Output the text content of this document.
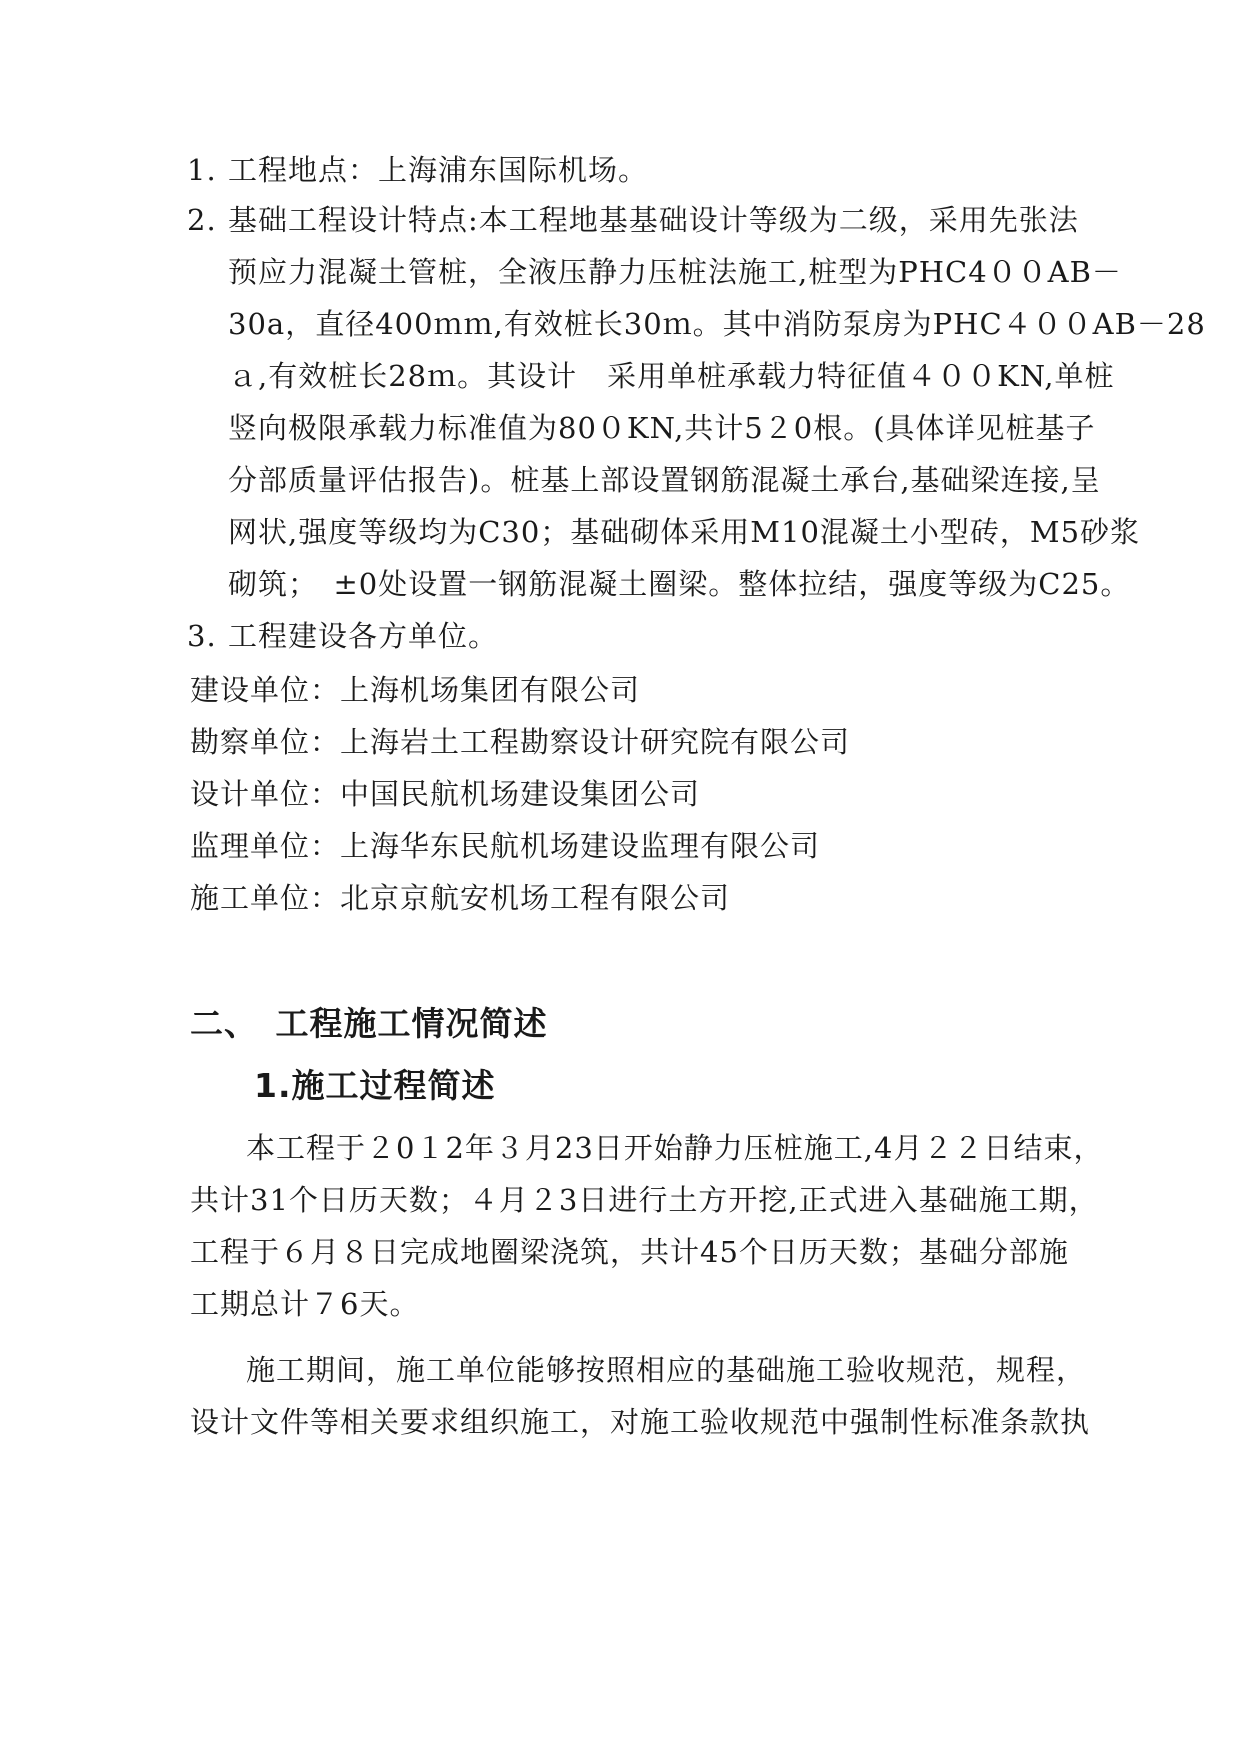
1. 工程地点：上海浦东国际机场。
2. 基础工程设计特点:本工程地基基础设计等级为二级，采用先张法
预应力混凝土管桩，全液压静力压桩法施工,桩型为PHC4００AB－
30a，直径400ｍｍ,有效桩长30ｍ。其中消防泵房为PHC４００AB－28
ａ,有效桩长28ｍ。其设计　采用单桩承载力特征值４００KN,单桩
竖向极限承载力标准值为80０KN,共计5２0根。(具体详见桩基子
分部质量评估报告)。桩基上部设置钢筋混凝土承台,基础梁连接,呈
网状,强度等级均为C30；基础砌体采用M10混凝土小型砖，M5砂浆
砌筑；　±0处设置一钢筋混凝土圈梁。整体拉结，强度等级为C25。
3. 工程建设各方单位。
建设单位：上海机场集团有限公司
勘察单位：上海岩土工程勘察设计研究院有限公司
设计单位：中国民航机场建设集团公司
监理单位：上海华东民航机场建设监理有限公司
施工单位：北京京航安机场工程有限公司
二、　工程施工情况简述
1.施工过程简述
本工程于２0１2年３月23日开始静力压桩施工,4月２２日结束，
共计31个日历天数；４月２3日进行土方开挖,正式进入基础施工期，
工程于６月８日完成地圈梁浇筑，共计45个日历天数；基础分部施
工期总计７6天。
施工期间，施工单位能够按照相应的基础施工验收规范，规程，
设计文件等相关要求组织施工，对施工验收规范中强制性标准条款执
